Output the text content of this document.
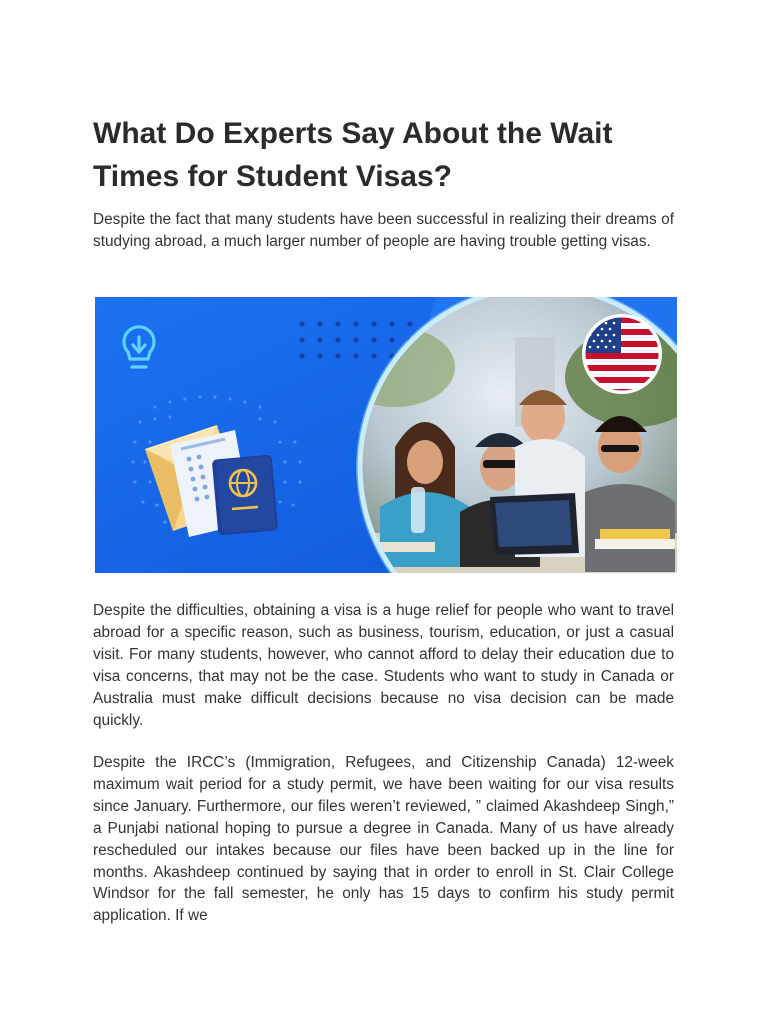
What Do Experts Say About the Wait Times for Student Visas?

Despite the fact that many students have been successful in realizing their dreams of studying abroad, a much larger number of people are having trouble getting visas.

Despite the difficulties, obtaining a visa is a huge relief for people who want to travel abroad for a specific reason, such as business, tourism, education, or just a casual visit. For many students, however, who cannot afford to delay their education due to visa concerns, that may not be the case. Students who want to study in Canada or Australia must make difficult decisions because no visa decision can be made quickly.

Despite the IRCC’s (Immigration, Refugees, and Citizenship Canada) 12-week maximum wait period for a study permit, we have been waiting for our visa results since January. Furthermore, our files weren’t reviewed, ” claimed Akashdeep Singh,” a Punjabi national hoping to pursue a degree in Canada. Many of us have already rescheduled our intakes because our files have been backed up in the line for months. Akashdeep continued by saying that in order to enroll in St. Clair College Windsor for the fall semester, he only has 15 days to confirm his study permit application. If we
